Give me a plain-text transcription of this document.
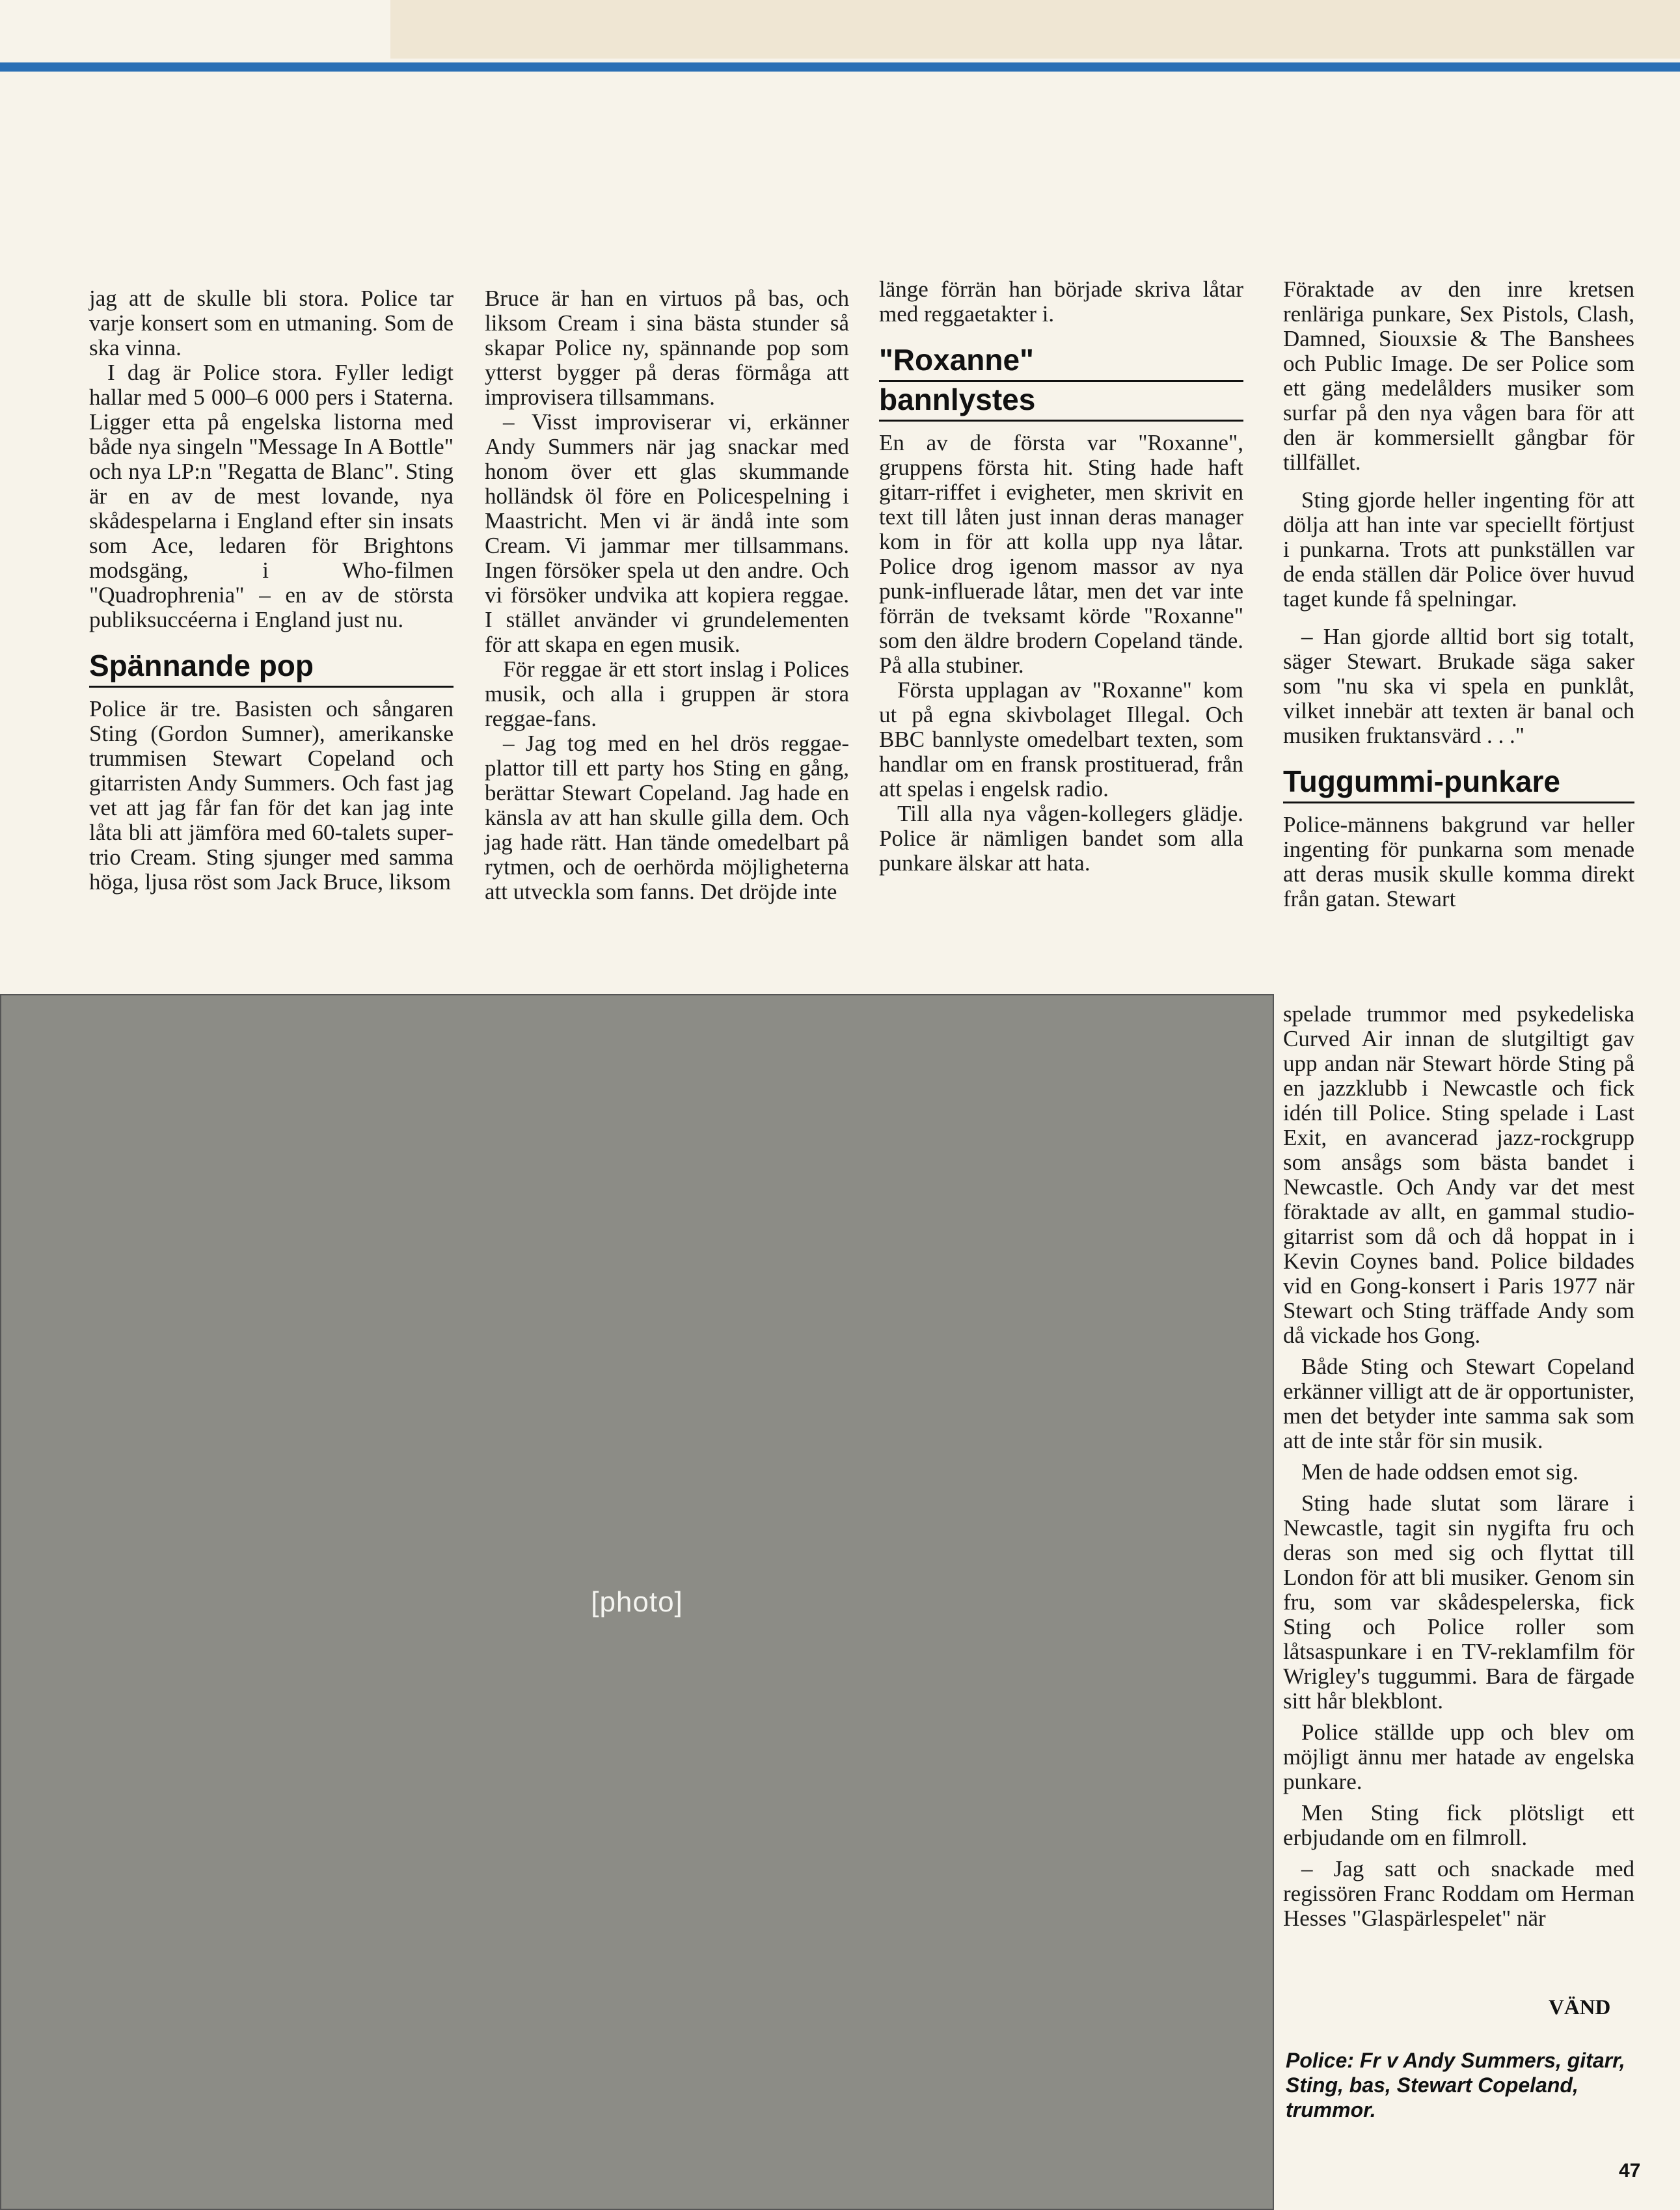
jag att de skulle bli stora. Police tar varje konsert som en utmaning. Som de ska vinna.

I dag är Police stora. Fyller ledigt hallar med 5 000–6 000 pers i Staterna. Ligger etta på engelska listorna med både nya singeln "Message In A Bottle" och nya LP:n "Regatta de Blanc". Sting är en av de mest lovande, nya skådespelarna i England efter sin insats som Ace, ledaren för Brightons modsgäng, i Who-filmen "Quadrophrenia" – en av de största publiksuccéerna i England just nu.

Spännande pop

Police är tre. Basisten och sångaren Sting (Gordon Sumner), amerikanske trummisen Stewart Copeland och gitarristen Andy Summers. Och fast jag vet att jag får fan för det kan jag inte låta bli att jämföra med 60-talets super-trio Cream. Sting sjunger med samma höga, ljusa röst som Jack Bruce, liksom

Bruce är han en virtuos på bas, och liksom Cream i sina bästa stunder så skapar Police ny, spännande pop som ytterst bygger på deras förmåga att improvisera tillsammans.

– Visst improviserar vi, erkänner Andy Summers när jag snackar med honom över ett glas skummande holländsk öl före en Policespelning i Maastricht. Men vi är ändå inte som Cream. Vi jammar mer tillsammans. Ingen försöker spela ut den andre. Och vi försöker undvika att kopiera reggae. I stället använder vi grundelementen för att skapa en egen musik.

För reggae är ett stort inslag i Polices musik, och alla i gruppen är stora reggae-fans.

– Jag tog med en hel drös reggae-plattor till ett party hos Sting en gång, berättar Stewart Copeland. Jag hade en känsla av att han skulle gilla dem. Och jag hade rätt. Han tände omedelbart på rytmen, och de oerhörda möjligheterna att utveckla som fanns. Det dröjde inte

länge förrän han började skriva låtar med reggaetakter i.

"Roxanne"
bannlystes

En av de första var "Roxanne", gruppens första hit. Sting hade haft gitarr-riffet i evigheter, men skrivit en text till låten just innan deras manager kom in för att kolla upp nya låtar. Police drog igenom massor av nya punk-influerade låtar, men det var inte förrän de tveksamt körde "Roxanne" som den äldre brodern Copeland tände. På alla stubiner.

Första upplagan av "Roxanne" kom ut på egna skivbolaget Illegal. Och BBC bannlyste omedelbart texten, som handlar om en fransk prostituerad, från att spelas i engelsk radio.

Till alla nya vågen-kollegers glädje. Police är nämligen bandet som alla punkare älskar att hata.

Föraktade av den inre kretsen renläriga punkare, Sex Pistols, Clash, Damned, Siouxsie & The Banshees och Public Image. De ser Police som ett gäng medelålders musiker som surfar på den nya vågen bara för att den är kommersiellt gångbar för tillfället.

Sting gjorde heller ingenting för att dölja att han inte var speciellt förtjust i punkarna. Trots att punkställen var de enda ställen där Police över huvud taget kunde få spelningar.

– Han gjorde alltid bort sig totalt, säger Stewart. Brukade säga saker som "nu ska vi spela en punklåt, vilket innebär att texten är banal och musiken fruktansvärd . . ."

Tuggummi-punkare

Police-männens bakgrund var heller ingenting för punkarna som menade att deras musik skulle komma direkt från gatan. Stewart

spelade trummor med psykedeliska Curved Air innan de slutgiltigt gav upp andan när Stewart hörde Sting på en jazzklubb i Newcastle och fick idén till Police. Sting spelade i Last Exit, en avancerad jazz-rockgrupp som ansågs som bästa bandet i Newcastle. Och Andy var det mest föraktade av allt, en gammal studio-gitarrist som då och då hoppat in i Kevin Coynes band. Police bildades vid en Gong-konsert i Paris 1977 när Stewart och Sting träffade Andy som då vickade hos Gong.

Både Sting och Stewart Copeland erkänner villigt att de är opportunister, men det betyder inte samma sak som att de inte står för sin musik.

Men de hade oddsen emot sig.

Sting hade slutat som lärare i Newcastle, tagit sin nygifta fru och deras son med sig och flyttat till London för att bli musiker. Genom sin fru, som var skådespelerska, fick Sting och Police roller som låtsaspunkare i en TV-reklamfilm för Wrigley's tuggummi. Bara de färgade sitt hår blekblont.

Police ställde upp och blev om möjligt ännu mer hatade av engelska punkare.

Men Sting fick plötsligt ett erbjudande om en filmroll.

– Jag satt och snackade med regissören Franc Roddam om Herman Hesses "Glaspärlespelet" när

VÄND
[photo]
Police: Fr v Andy Summers, gitarr, Sting, bas, Stewart Copeland, trummor.
47
